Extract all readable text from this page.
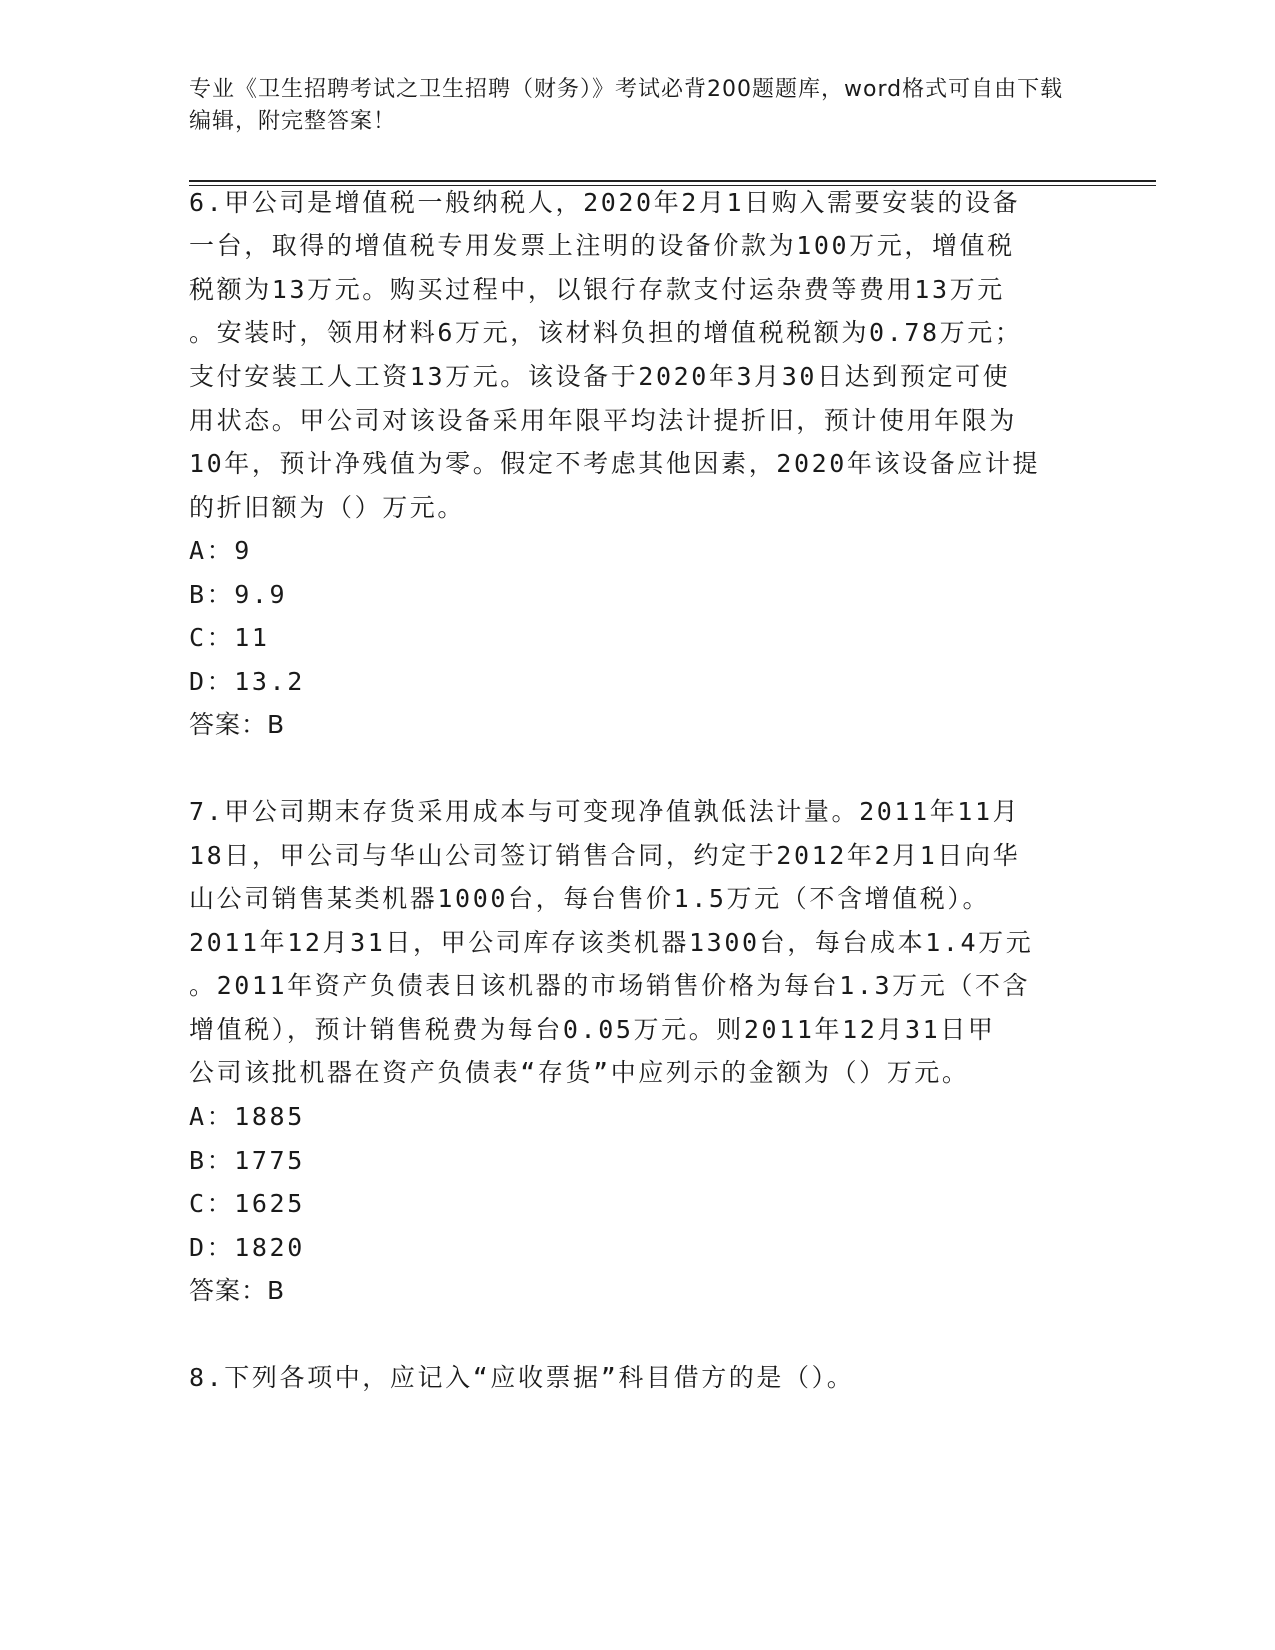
专业《卫生招聘考试之卫生招聘（财务）》考试必背200题题库，word格式可自由下载编辑，附完整答案！
6.甲公司是增值税一般纳税人，2020年2月1日购入需要安装的设备
一台，取得的增值税专用发票上注明的设备价款为100万元，增值税
税额为13万元。购买过程中，以银行存款支付运杂费等费用13万元
。安装时，领用材料6万元，该材料负担的增值税税额为0.78万元；
支付安装工人工资13万元。该设备于2020年3月30日达到预定可使
用状态。甲公司对该设备采用年限平均法计提折旧，预计使用年限为
10年，预计净残值为零。假定不考虑其他因素，2020年该设备应计提
的折旧额为（）万元。
A：9
B：9.9
C：11
D：13.2
答案：B
7.甲公司期末存货采用成本与可变现净值孰低法计量。2011年11月
18日，甲公司与华山公司签订销售合同，约定于2012年2月1日向华
山公司销售某类机器1000台，每台售价1.5万元（不含增值税）。
2011年12月31日，甲公司库存该类机器1300台，每台成本1.4万元
。2011年资产负债表日该机器的市场销售价格为每台1.3万元（不含
增值税），预计销售税费为每台0.05万元。则2011年12月31日甲
公司该批机器在资产负债表“存货”中应列示的金额为（）万元。
A：1885
B：1775
C：1625
D：1820
答案：B
8.下列各项中，应记入“应收票据”科目借方的是（）。
